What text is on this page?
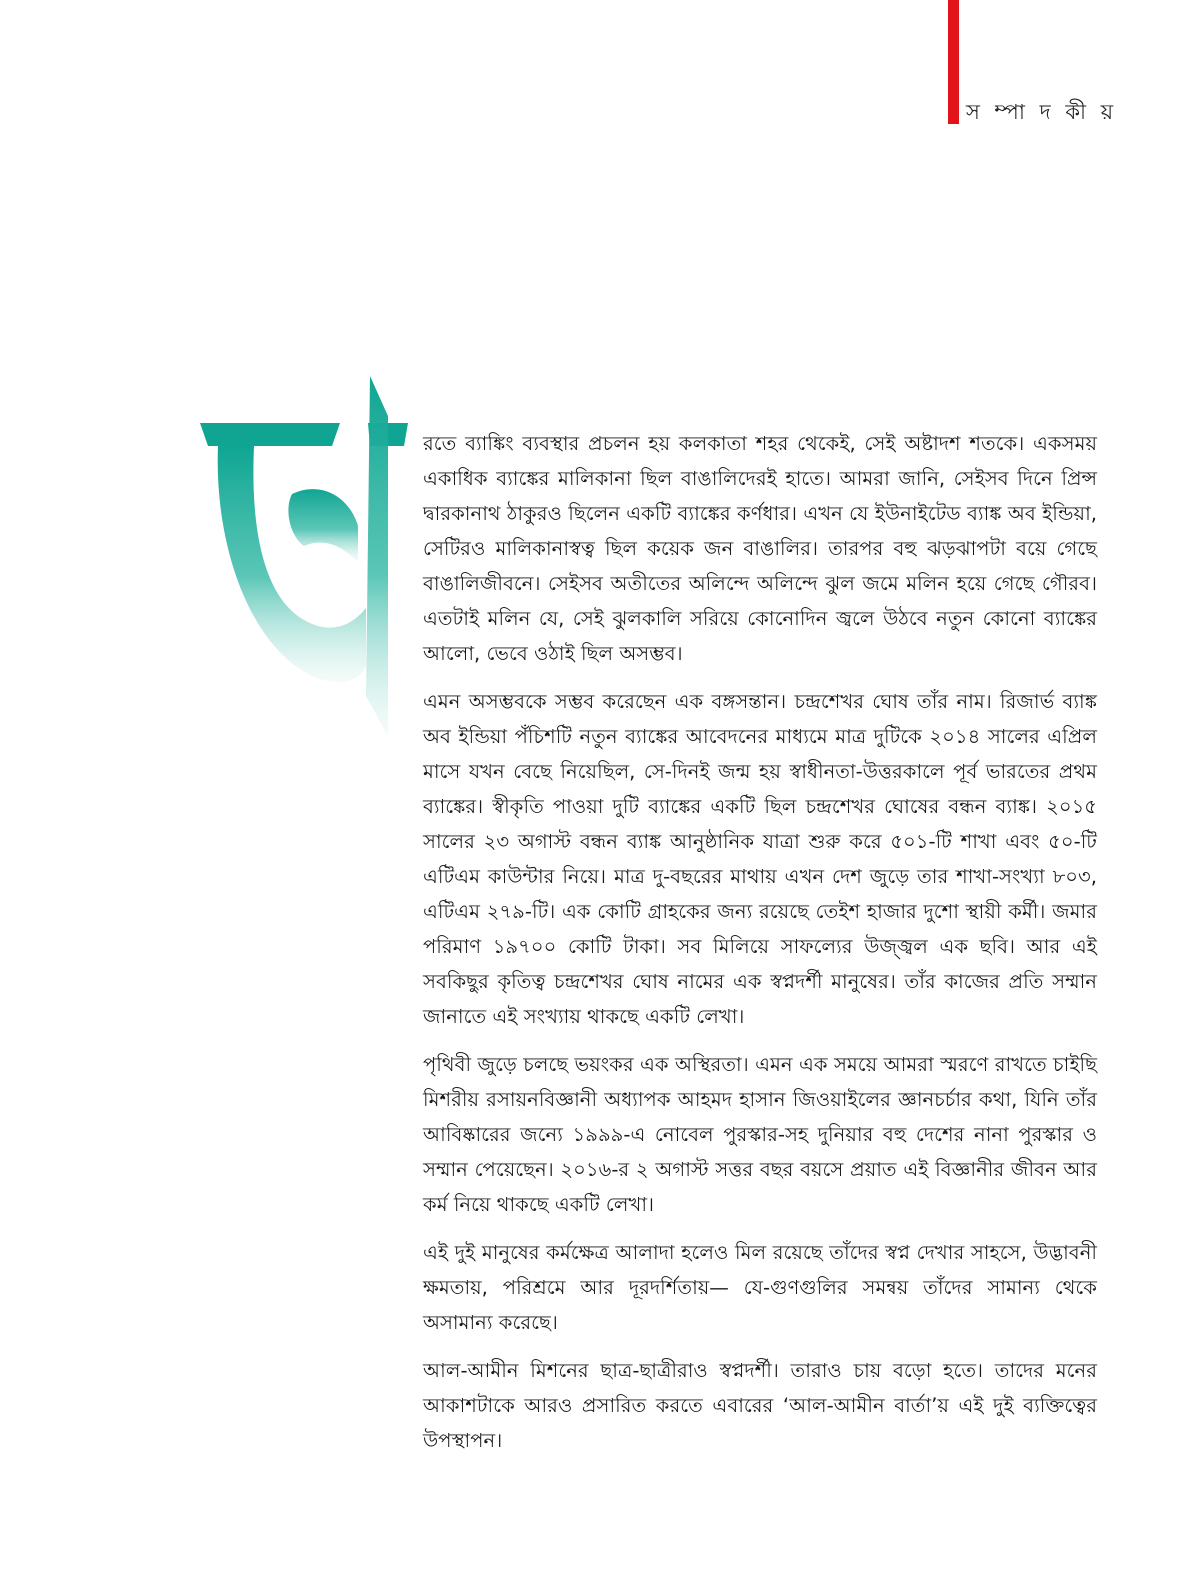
স ম্পা দ কী য়

রতে ব্যাঙ্কিং ব্যবস্থার প্রচলন হয় কলকাতা শহর থেকেই, সেই অষ্টাদশ শতকে। একসময় একাধিক ব্যাঙ্কের মালিকানা ছিল বাঙালিদেরই হাতে। আমরা জানি, সেইসব দিনে প্রিন্স দ্বারকানাথ ঠাকুরও ছিলেন একটি ব্যাঙ্কের কর্ণধার। এখন যে ইউনাইটেড ব্যাঙ্ক অব ইন্ডিয়া, সেটিরও মালিকানাস্বত্ব ছিল কয়েক জন বাঙালির। তারপর বহু ঝড়ঝাপটা বয়ে গেছে বাঙালিজীবনে। সেইসব অতীতের অলিন্দে অলিন্দে ঝুল জমে মলিন হয়ে গেছে গৌরব। এতটাই মলিন যে, সেই ঝুলকালি সরিয়ে কোনোদিন জ্বলে উঠবে নতুন কোনো ব্যাঙ্কের আলো, ভেবে ওঠাই ছিল অসম্ভব।

এমন অসম্ভবকে সম্ভব করেছেন এক বঙ্গসন্তান। চন্দ্রশেখর ঘোষ তাঁর নাম। রিজার্ভ ব্যাঙ্ক অব ইন্ডিয়া পঁচিশটি নতুন ব্যাঙ্কের আবেদনের মাধ্যমে মাত্র দুটিকে ২০১৪ সালের এপ্রিল মাসে যখন বেছে নিয়েছিল, সে-দিনই জন্ম হয় স্বাধীনতা-উত্তরকালে পূর্ব ভারতের প্রথম ব্যাঙ্কের। স্বীকৃতি পাওয়া দুটি ব্যাঙ্কের একটি ছিল চন্দ্রশেখর ঘোষের বন্ধন ব্যাঙ্ক। ২০১৫ সালের ২৩ অগাস্ট বন্ধন ব্যাঙ্ক আনুষ্ঠানিক যাত্রা শুরু করে ৫০১-টি শাখা এবং ৫০-টি এটিএম কাউন্টার নিয়ে। মাত্র দু-বছরের মাথায় এখন দেশ জুড়ে তার শাখা-সংখ্যা ৮০৩, এটিএম ২৭৯-টি। এক কোটি গ্রাহকের জন্য রয়েছে তেইশ হাজার দুশো স্থায়ী কর্মী। জমার পরিমাণ ১৯৭০০ কোটি টাকা। সব মিলিয়ে সাফল্যের উজ্জ্বল এক ছবি। আর এই সবকিছুর কৃতিত্ব চন্দ্রশেখর ঘোষ নামের এক স্বপ্নদর্শী মানুষের। তাঁর কাজের প্রতি সম্মান জানাতে এই সংখ্যায় থাকছে একটি লেখা।

পৃথিবী জুড়ে চলছে ভয়ংকর এক অস্থিরতা। এমন এক সময়ে আমরা স্মরণে রাখতে চাইছি মিশরীয় রসায়নবিজ্ঞানী অধ্যাপক আহমদ হাসান জিওয়াইলের জ্ঞানচর্চার কথা, যিনি তাঁর আবিষ্কারের জন্যে ১৯৯৯-এ নোবেল পুরস্কার-সহ দুনিয়ার বহু দেশের নানা পুরস্কার ও সম্মান পেয়েছেন। ২০১৬-র ২ অগাস্ট সত্তর বছর বয়সে প্রয়াত এই বিজ্ঞানীর জীবন আর কর্ম নিয়ে থাকছে একটি লেখা।

এই দুই মানুষের কর্মক্ষেত্র আলাদা হলেও মিল রয়েছে তাঁদের স্বপ্ন দেখার সাহসে, উদ্ভাবনী ক্ষমতায়, পরিশ্রমে আর দূরদর্শিতায়— যে-গুণগুলির সমন্বয় তাঁদের সামান্য থেকে অসামান্য করেছে।

আল-আমীন মিশনের ছাত্র-ছাত্রীরাও স্বপ্নদর্শী। তারাও চায় বড়ো হতে। তাদের মনের আকাশটাকে আরও প্রসারিত করতে এবারের ‘আল-আমীন বার্তা’য় এই দুই ব্যক্তিত্বের উপস্থাপন।
